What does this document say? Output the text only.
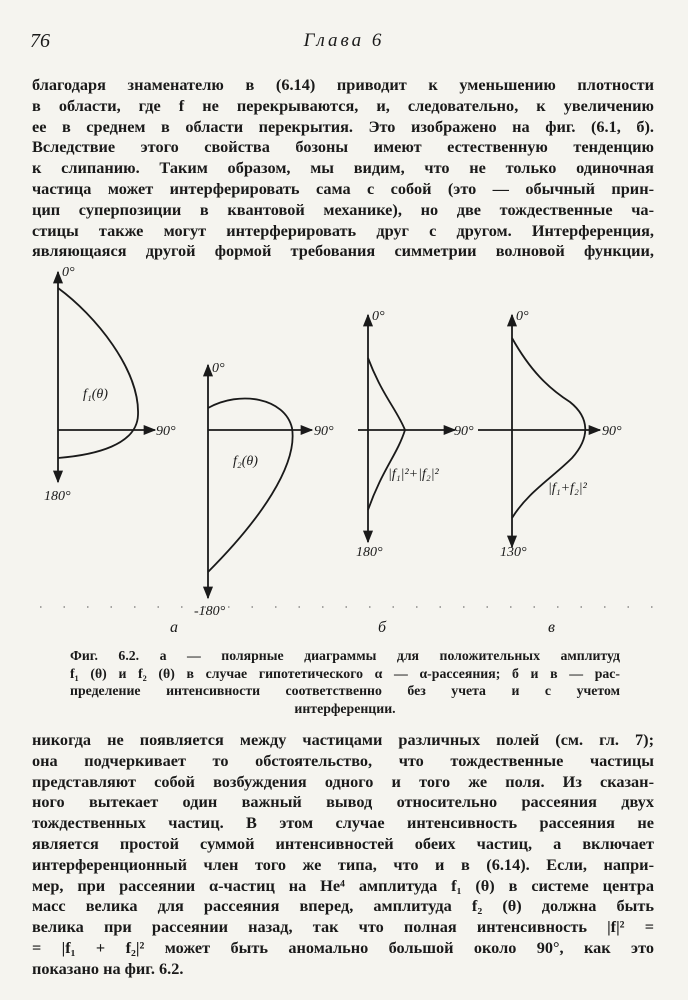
76	Глава 6
благодаря знаменателю в (6.14) приводит к уменьшению плотности
в области, где f не перекрываются, и, следовательно, к увеличению
ее в среднем в области перекрытия. Это изображено на фиг. (6.1, б).
Вследствие этого свойства бозоны имеют естественную тенденцию
к слипанию. Таким образом, мы видим, что не только одиночная
частица может интерферировать сама с собой (это — обычный прин-
цип суперпозиции в квантовой механике), но две тождественные ча-
стицы также могут интерферировать друг с другом. Интерференция,
являющаяся другой формой требования симметрии волновой функции,
0°
90°
180°
f₁(θ)
0°
90°
-180°
f₂(θ)
0°
90°
180°
|f₁|²+|f₂|²
0°
90°
130°
|f₁+f₂|²
а	б	в
Фиг. 6.2. а — полярные диаграммы для положительных амплитуд
f₁ (θ) и f₂ (θ) в случае гипотетического α — α-рассеяния; б и в — рас-
пределение интенсивности соответственно без учета и с учетом
интерференции.
никогда не появляется между частицами различных полей (см. гл. 7);
она подчеркивает то обстоятельство, что тождественные частицы
представляют собой возбуждения одного и того же поля. Из сказан-
ного вытекает один важный вывод относительно рассеяния двух
тождественных частиц. В этом случае интенсивность рассеяния не
является простой суммой интенсивностей обеих частиц, а включает
интерференционный член того же типа, что и в (6.14). Если, напри-
мер, при рассеянии α-частиц на He⁴ амплитуда f₁ (θ) в системе центра
масс велика для рассеяния вперед, амплитуда f₂ (θ) должна быть
велика при рассеянии назад, так что полная интенсивность |f|² =
= |f₁ + f₂|² может быть аномально большой около 90°, как это
показано на фиг. 6.2.
